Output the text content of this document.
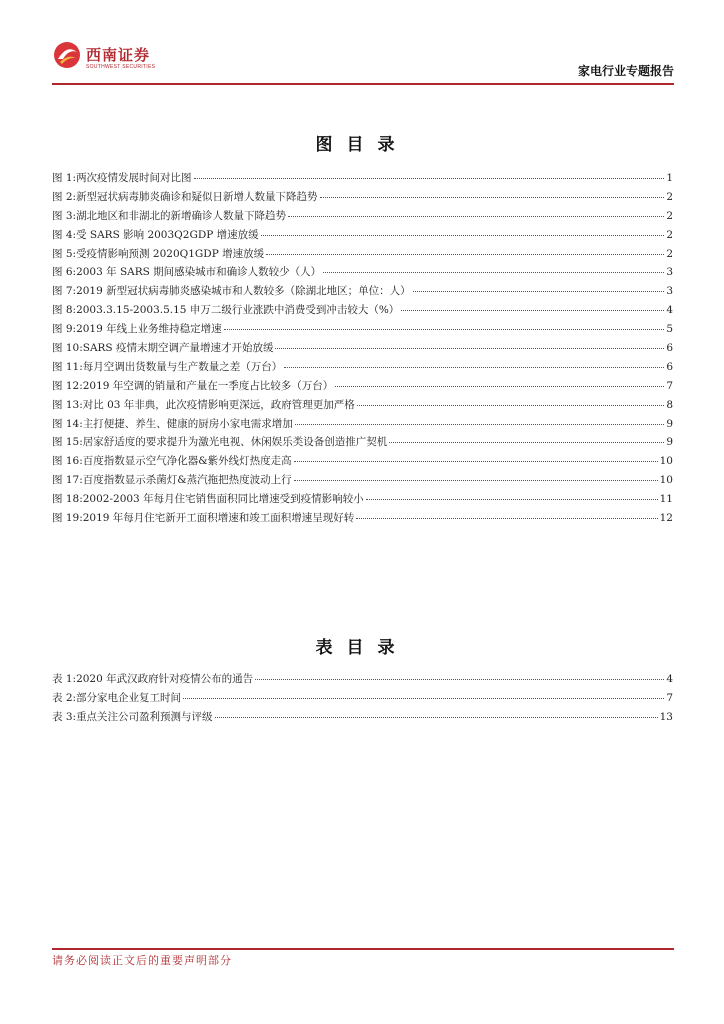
西南证券
SOUTHWEST SECURITIES	家电行业专题报告
图目录
图 1: 两次疫情发展时间对比图	1
图 2: 新型冠状病毒肺炎确诊和疑似日新增人数量下降趋势	2
图 3: 湖北地区和非湖北的新增确诊人数量下降趋势	2
图 4: 受 SARS 影响 2003Q2GDP 增速放缓	2
图 5: 受疫情影响预测 2020Q1GDP 增速放缓	2
图 6: 2003 年 SARS 期间感染城市和确诊人数较少（人）	3
图 7: 2019 新型冠状病毒肺炎感染城市和人数较多（除湖北地区；单位：人）	3
图 8: 2003.3.15-2003.5.15 申万二级行业涨跌中消费受到冲击较大（%）	4
图 9: 2019 年线上业务维持稳定增速	5
图 10: SARS 疫情末期空调产量增速才开始放缓	6
图 11: 每月空调出货数量与生产数量之差（万台）	6
图 12: 2019 年空调的销量和产量在一季度占比较多（万台）	7
图 13: 对比 03 年非典，此次疫情影响更深远，政府管理更加严格	8
图 14: 主打便捷、养生、健康的厨房小家电需求增加	9
图 15: 居家舒适度的要求提升为激光电视、休闲娱乐类设备创造推广契机	9
图 16: 百度指数显示空气净化器&紫外线灯热度走高	10
图 17: 百度指数显示杀菌灯&蒸汽拖把热度波动上行	10
图 18: 2002-2003 年每月住宅销售面积同比增速受到疫情影响较小	11
图 19: 2019 年每月住宅新开工面积增速和竣工面积增速呈现好转	12
表目录
表 1: 2020 年武汉政府针对疫情公布的通告	4
表 2: 部分家电企业复工时间	7
表 3: 重点关注公司盈利预测与评级	13
请务必阅读正文后的重要声明部分
